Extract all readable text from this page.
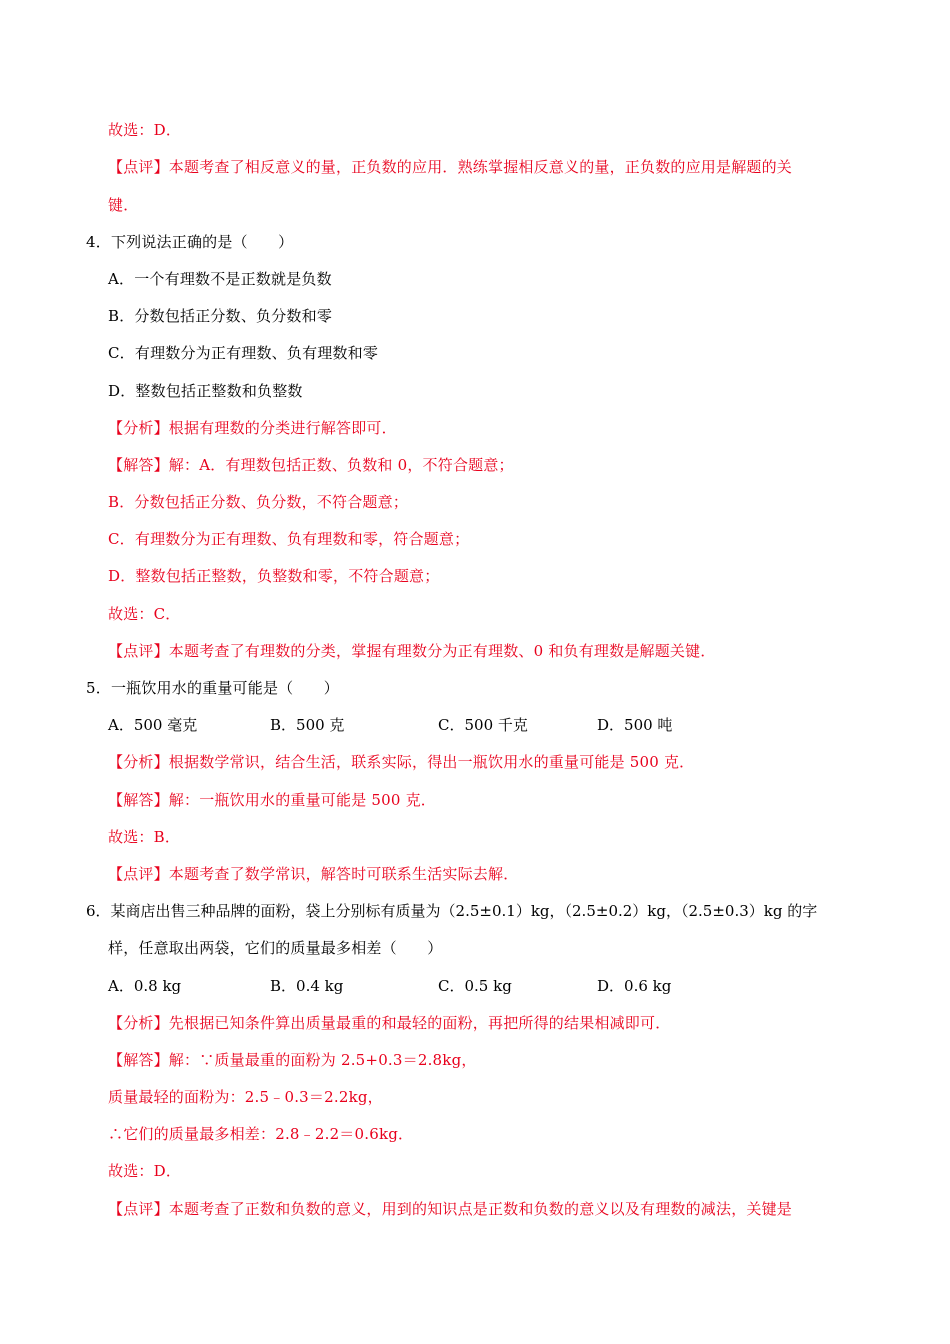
故选：D．
【点评】本题考查了相反意义的量，正负数的应用．熟练掌握相反意义的量，正负数的应用是解题的关
键．
4．下列说法正确的是（　　）
A．一个有理数不是正数就是负数
B．分数包括正分数、负分数和零
C．有理数分为正有理数、负有理数和零
D．整数包括正整数和负整数
【分析】根据有理数的分类进行解答即可．
【解答】解：A．有理数包括正数、负数和 0，不符合题意；
B．分数包括正分数、负分数，不符合题意；
C．有理数分为正有理数、负有理数和零，符合题意；
D．整数包括正整数，负整数和零，不符合题意；
故选：C．
【点评】本题考查了有理数的分类，掌握有理数分为正有理数、0 和负有理数是解题关键．
5．一瓶饮用水的重量可能是（　　）
A．500 毫克	B．500 克	C．500 千克	D．500 吨
【分析】根据数学常识，结合生活，联系实际，得出一瓶饮用水的重量可能是 500 克．
【解答】解：一瓶饮用水的重量可能是 500 克．
故选：B．
【点评】本题考查了数学常识，解答时可联系生活实际去解．
6．某商店出售三种品牌的面粉，袋上分别标有质量为（2.5±0.1）kg，（2.5±0.2）kg，（2.5±0.3）kg 的字
样，任意取出两袋，它们的质量最多相差（　　）
A．0.8 kg	B．0.4 kg	C．0.5 kg	D．0.6 kg
【分析】先根据已知条件算出质量最重的和最轻的面粉，再把所得的结果相减即可．
【解答】解：∵质量最重的面粉为 2.5+0.3＝2.8kg，
质量最轻的面粉为：2.5﹣0.3＝2.2kg，
∴它们的质量最多相差：2.8﹣2.2＝0.6kg．
故选：D．
【点评】本题考查了正数和负数的意义，用到的知识点是正数和负数的意义以及有理数的减法，关键是
